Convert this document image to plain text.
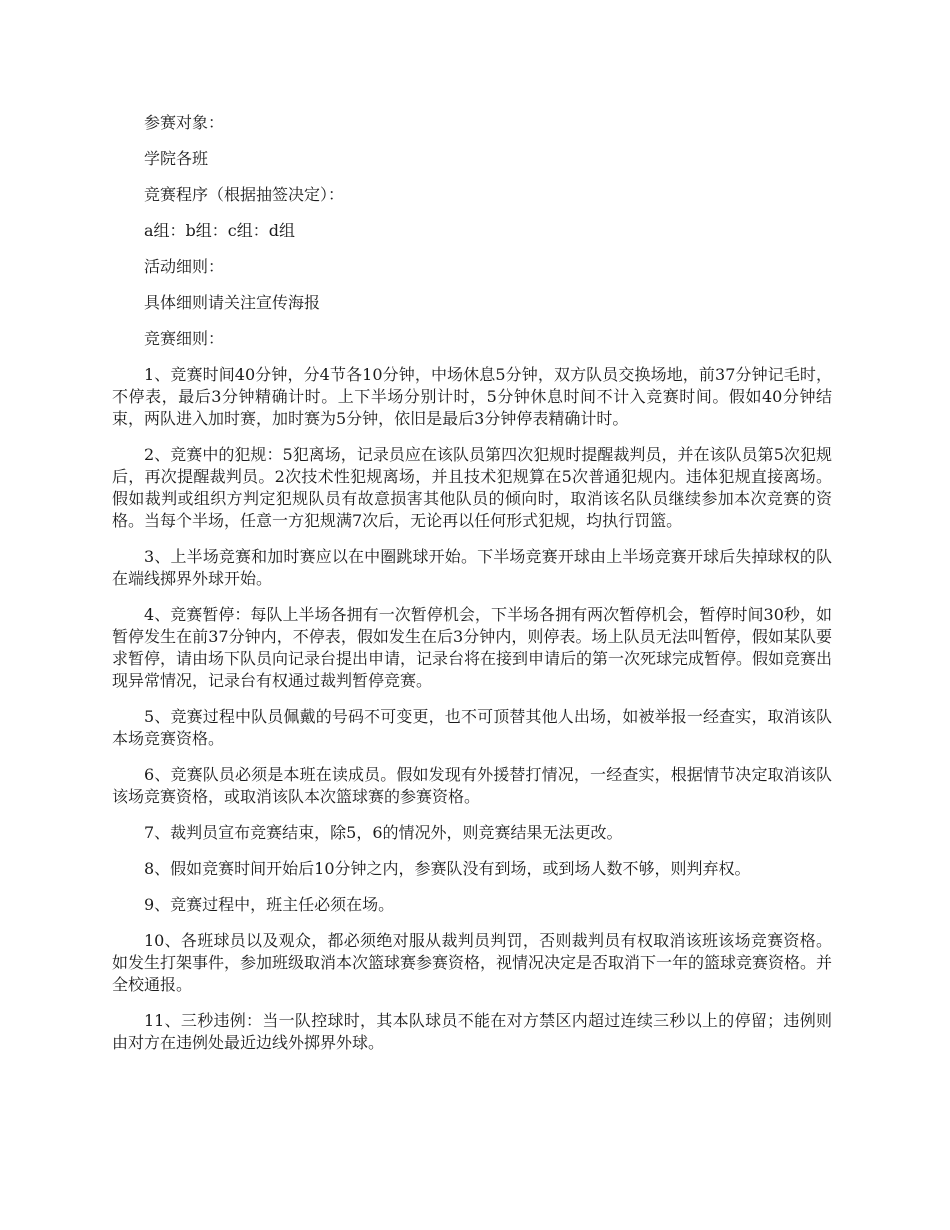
参赛对象：

学院各班

竞赛程序（根据抽签决定）：

a组：b组：c组：d组

活动细则：

具体细则请关注宣传海报

竞赛细则：

1、竞赛时间40分钟，分4节各10分钟，中场休息5分钟，双方队员交换场地，前37分钟记毛时，不停表，最后3分钟精确计时。上下半场分别计时，5分钟休息时间不计入竞赛时间。假如40分钟结束，两队进入加时赛，加时赛为5分钟，依旧是最后3分钟停表精确计时。

2、竞赛中的犯规：5犯离场，记录员应在该队员第四次犯规时提醒裁判员，并在该队员第5次犯规后，再次提醒裁判员。2次技术性犯规离场，并且技术犯规算在5次普通犯规内。违体犯规直接离场。假如裁判或组织方判定犯规队员有故意损害其他队员的倾向时，取消该名队员继续参加本次竞赛的资格。当每个半场，任意一方犯规满7次后，无论再以任何形式犯规，均执行罚篮。

3、上半场竞赛和加时赛应以在中圈跳球开始。下半场竞赛开球由上半场竞赛开球后失掉球权的队在端线掷界外球开始。

4、竞赛暂停：每队上半场各拥有一次暂停机会，下半场各拥有两次暂停机会，暂停时间30秒，如暂停发生在前37分钟内，不停表，假如发生在后3分钟内，则停表。场上队员无法叫暂停，假如某队要求暂停，请由场下队员向记录台提出申请，记录台将在接到申请后的第一次死球完成暂停。假如竞赛出现异常情况，记录台有权通过裁判暂停竞赛。

5、竞赛过程中队员佩戴的号码不可变更，也不可顶替其他人出场，如被举报一经查实，取消该队本场竞赛资格。

6、竞赛队员必须是本班在读成员。假如发现有外援替打情况，一经查实，根据情节决定取消该队该场竞赛资格，或取消该队本次篮球赛的参赛资格。

7、裁判员宣布竞赛结束，除5，6的情况外，则竞赛结果无法更改。

8、假如竞赛时间开始后10分钟之内，参赛队没有到场，或到场人数不够，则判弃权。

9、竞赛过程中，班主任必须在场。

10、各班球员以及观众，都必须绝对服从裁判员判罚，否则裁判员有权取消该班该场竞赛资格。如发生打架事件，参加班级取消本次篮球赛参赛资格，视情况决定是否取消下一年的篮球竞赛资格。并全校通报。

11、三秒违例：当一队控球时，其本队球员不能在对方禁区内超过连续三秒以上的停留；违例则由对方在违例处最近边线外掷界外球。
